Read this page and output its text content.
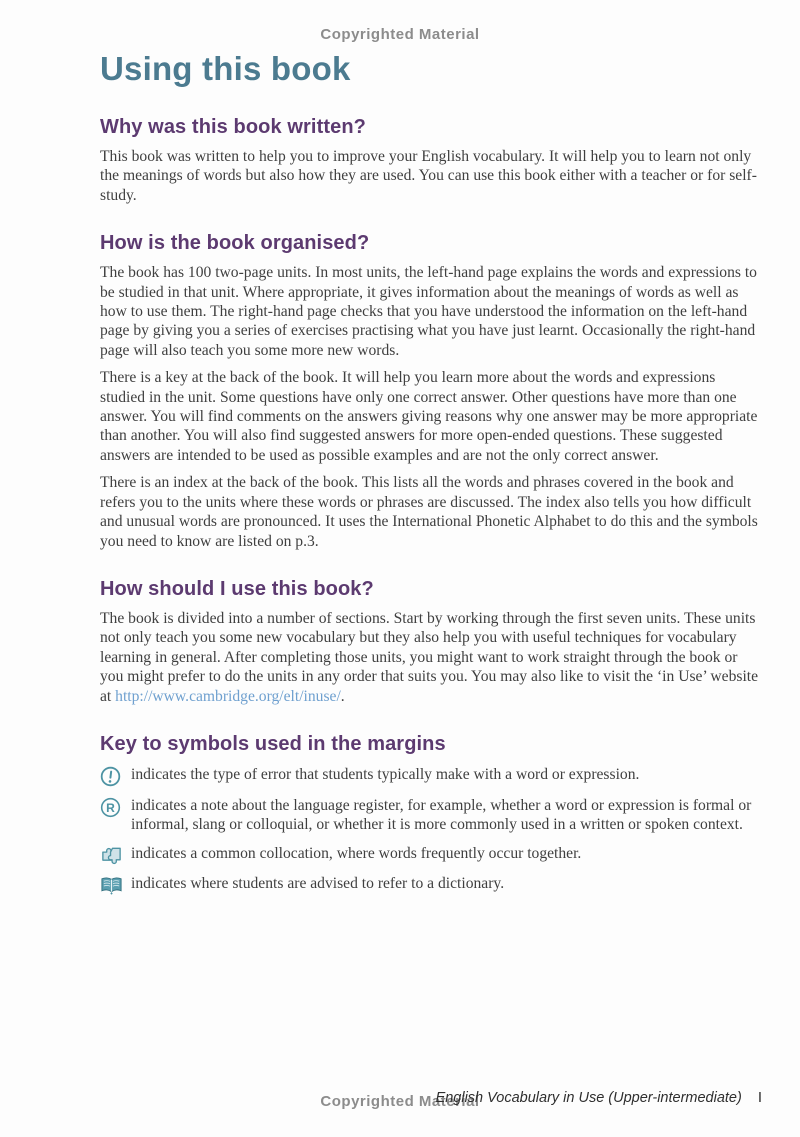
Copyrighted Material
Using this book
Why was this book written?

This book was written to help you to improve your English vocabulary. It will help you to learn not only the meanings of words but also how they are used. You can use this book either with a teacher or for self-study.

How is the book organised?

The book has 100 two-page units. In most units, the left-hand page explains the words and expressions to be studied in that unit. Where appropriate, it gives information about the meanings of words as well as how to use them. The right-hand page checks that you have understood the information on the left-hand page by giving you a series of exercises practising what you have just learnt. Occasionally the right-hand page will also teach you some more new words.

There is a key at the back of the book. It will help you learn more about the words and expressions studied in the unit. Some questions have only one correct answer. Other questions have more than one answer. You will find comments on the answers giving reasons why one answer may be more appropriate than another. You will also find suggested answers for more open-ended questions. These suggested answers are intended to be used as possible examples and are not the only correct answer.

There is an index at the back of the book. This lists all the words and phrases covered in the book and refers you to the units where these words or phrases are discussed. The index also tells you how difficult and unusual words are pronounced. It uses the International Phonetic Alphabet to do this and the symbols you need to know are listed on p.3.

How should I use this book?

The book is divided into a number of sections. Start by working through the first seven units. These units not only teach you some new vocabulary but they also help you with useful techniques for vocabulary learning in general. After completing those units, you might want to work straight through the book or you might prefer to do the units in any order that suits you. You may also like to visit the ‘in Use’ website at http://www.cambridge.org/elt/inuse/.

Key to symbols used in the margins
indicates the type of error that students typically make with a word or expression.
R indicates a note about the language register, for example, whether a word or expression is formal or informal, slang or colloquial, or whether it is more commonly used in a written or spoken context.
indicates a common collocation, where words frequently occur together.
indicates where students are advised to refer to a dictionary.
Copyrighted Material
English Vocabulary in Use (Upper-intermediate) I
